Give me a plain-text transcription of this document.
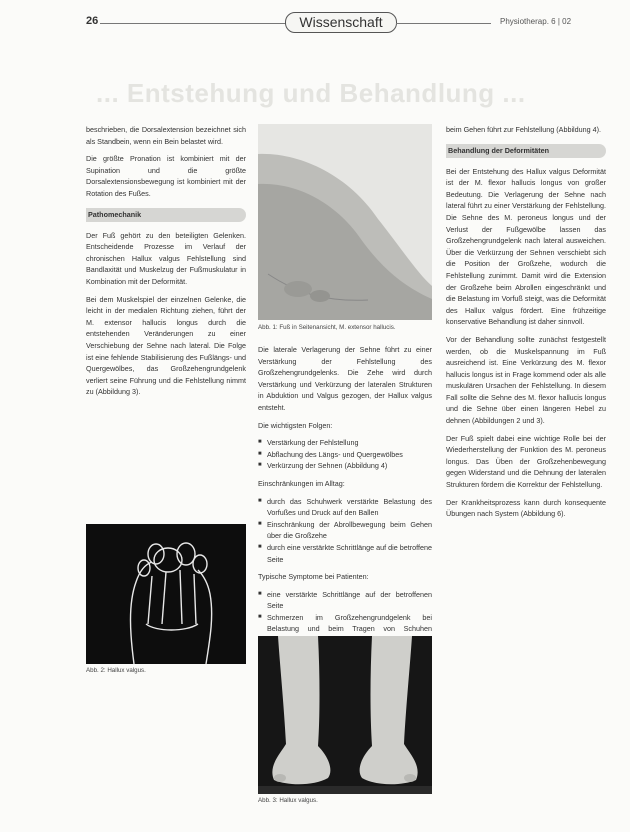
26	Wissenschaft	Physiotherap. 6 | 02
... Entstehung und Behandlung ...

beschrieben, die Dorsalextension bezeichnet sich als Standbein, wenn ein Bein belastet wird.

Die größte Pronation ist kombiniert mit der Supination und die größte Dorsalextensionsbewegung ist kombiniert mit der Rotation des Fußes.

Pathomechanik

Der Fuß gehört zu den beteiligten Gelenken. Entscheidende Prozesse im Verlauf der chronischen Hallux valgus Fehlstellung sind Bandlaxität und Muskelzug der Fußmuskulatur in Kombination mit der Deformität.

Bei dem Muskelspiel der einzelnen Gelenke, die leicht in der medialen Richtung ziehen, führt der M. extensor hallucis longus durch die entstehenden Veränderungen zu einer Verschiebung der Sehne nach lateral. Die Folge ist eine fehlende Stabilisierung des Fußlängs- und Quergewölbes, das Großzehengrundgelenk verliert seine Führung und die Fehlstellung nimmt zu (Abbildung 3).

Abb. 1: Fuß in Seitenansicht, M. extensor hallucis.
Abb. 2: Hallux valgus.

Die laterale Verlagerung der Sehne führt zu einer Verstärkung der Fehlstellung des Großzehengrundgelenks. Die Zehe wird durch Verstärkung und Verkürzung der lateralen Strukturen in Abduktion und Valgus gezogen, der Hallux valgus entsteht.

Die wichtigsten Folgen:

■ Verstärkung der Fehlstellung
■ Abflachung des Längs- und Quergewölbes
■ Verkürzung der Sehnen (Abbildung 4)

Einschränkungen im Alltag:

■ durch das Schuhwerk verstärkte Belastung des Vorfußes und Druck auf den Ballen
■ Einschränkung der Abrollbewegung beim Gehen über die Großzehe
■ durch eine verstärkte Schrittlänge auf die betroffene Seite

Typische Symptome bei Patienten:

■ eine verstärkte Schrittlänge auf der betroffenen Seite
■ Schmerzen im Großzehengrundgelenk bei Belastung und beim Tragen von Schuhen
■
Abb. 3: Hallux valgus.

beim Gehen führt zur Fehlstellung (Abbildung 4).

Behandlung der Deformitäten

Bei der Entstehung des Hallux valgus Deformität ist der M. flexor hallucis longus von großer Bedeutung. Die Verlagerung der Sehne nach lateral führt zu einer Verstärkung der Fehlstellung. Die Sehne des M. peroneus longus und der Verlust der Fußgewölbe lassen das Großzehengrundgelenk nach lateral ausweichen. Über die Verkürzung der Sehnen verschiebt sich die Position der Großzehe, wodurch die Fehlstellung zunimmt. Damit wird die Extension der Großzehe beim Abrollen eingeschränkt und die Belastung im Vorfuß steigt, was die Deformität des Hallux valgus fördert. Eine frühzeitige konservative Behandlung ist daher sinnvoll.

Vor der Behandlung sollte zunächst festgestellt werden, ob die Muskelspannung im Fuß ausreichend ist. Eine Verkürzung des M. flexor hallucis longus ist in Frage kommend oder als alle muskulären Ursachen der Fehlstellung. In diesem Fall sollte die Sehne des M. flexor hallucis longus und die Sehne über einen längeren Hebel zu dehnen (Abbildungen 2 und 3).

Der Fuß spielt dabei eine wichtige Rolle bei der Wiederherstellung der Funktion des M. peroneus longus. Das Üben der Großzehenbewegung gegen Widerstand und die Dehnung der lateralen Strukturen fördern die Korrektur der Fehlstellung.

Der Krankheitsprozess kann durch konsequente Übungen nach System (Abbildung 6).
